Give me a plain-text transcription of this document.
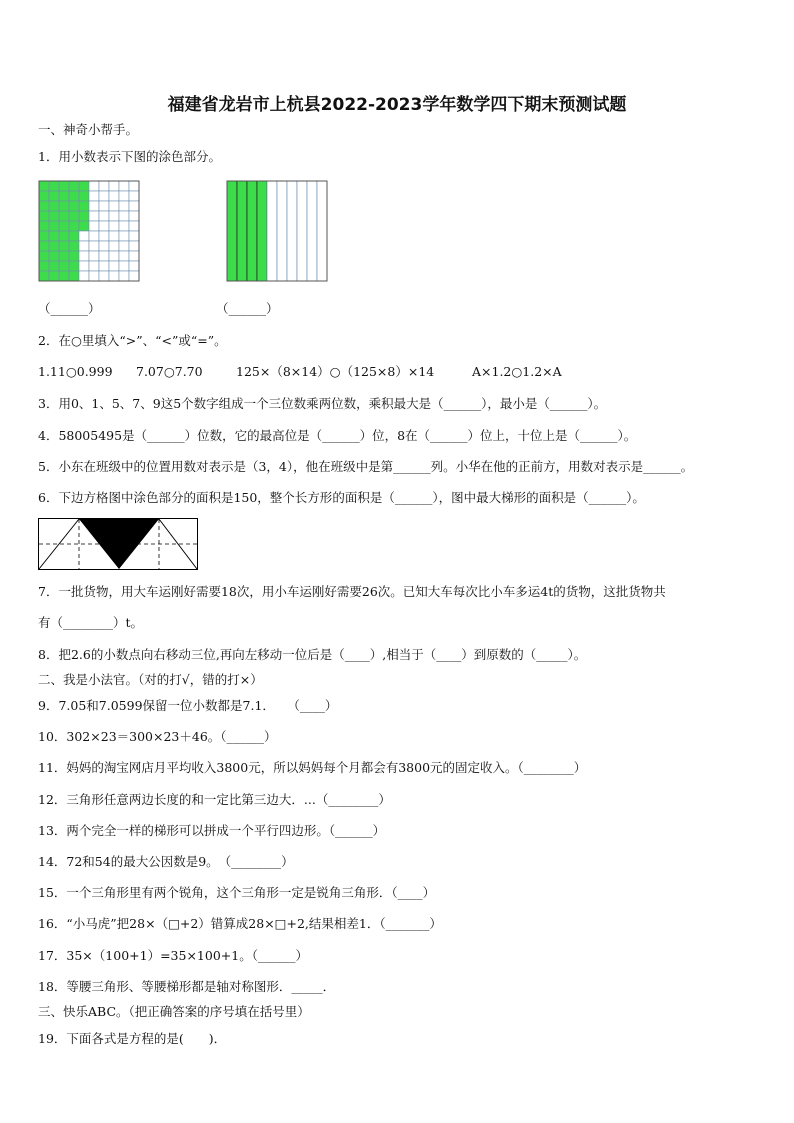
福建省龙岩市上杭县2022-2023学年数学四下期末预测试题
一、神奇小帮手。
1．用小数表示下图的涂色部分。
（______）	（______）
2．在○里填入“>”、“<”或“=”。
1.11○0.999 7.07○7.70	125×（8×14）○（125×8）×14	A×1.2○1.2×A
3．用0、1、5、7、9这5个数字组成一个三位数乘两位数，乘积最大是（______），最小是（______）。
4．58005495是（______）位数，它的最高位是（______）位，8在（______）位上，十位上是（______）。
5．小东在班级中的位置用数对表示是（3，4），他在班级中是第______列。小华在他的正前方，用数对表示是______。
6．下边方格图中涂色部分的面积是150，整个长方形的面积是（______），图中最大梯形的面积是（______）。
7．一批货物，用大车运刚好需要18次，用小车运刚好需要26次。已知大车每次比小车多运4t的货物，这批货物共
有（________）t。
8．把2.6的小数点向右移动三位,再向左移动一位后是（____）,相当于（____）到原数的（_____）。
二、我是小法官。（对的打√，错的打×）
9．7.05和7.0599保留一位小数都是7.1．　　（____）
10．302×23＝300×23＋46。（______）
11．妈妈的淘宝网店月平均收入3800元，所以妈妈每个月都会有3800元的固定收入。（________）
12．三角形任意两边长度的和一定比第三边大．...（________）
13．两个完全一样的梯形可以拼成一个平行四边形。（______）
14．72和54的最大公因数是9。　（________）
15．一个三角形里有两个锐角，这个三角形一定是锐角三角形．（____）
16．“小马虎”把28×（□+2）错算成28×□+2,结果相差1．（_______）
17．35×（100+1）=35×100+1。（______）
18．等腰三角形、等腰梯形都是轴对称图形．_____．
三、快乐ABC。（把正确答案的序号填在括号里）
19．下面各式是方程的是(　　)．
